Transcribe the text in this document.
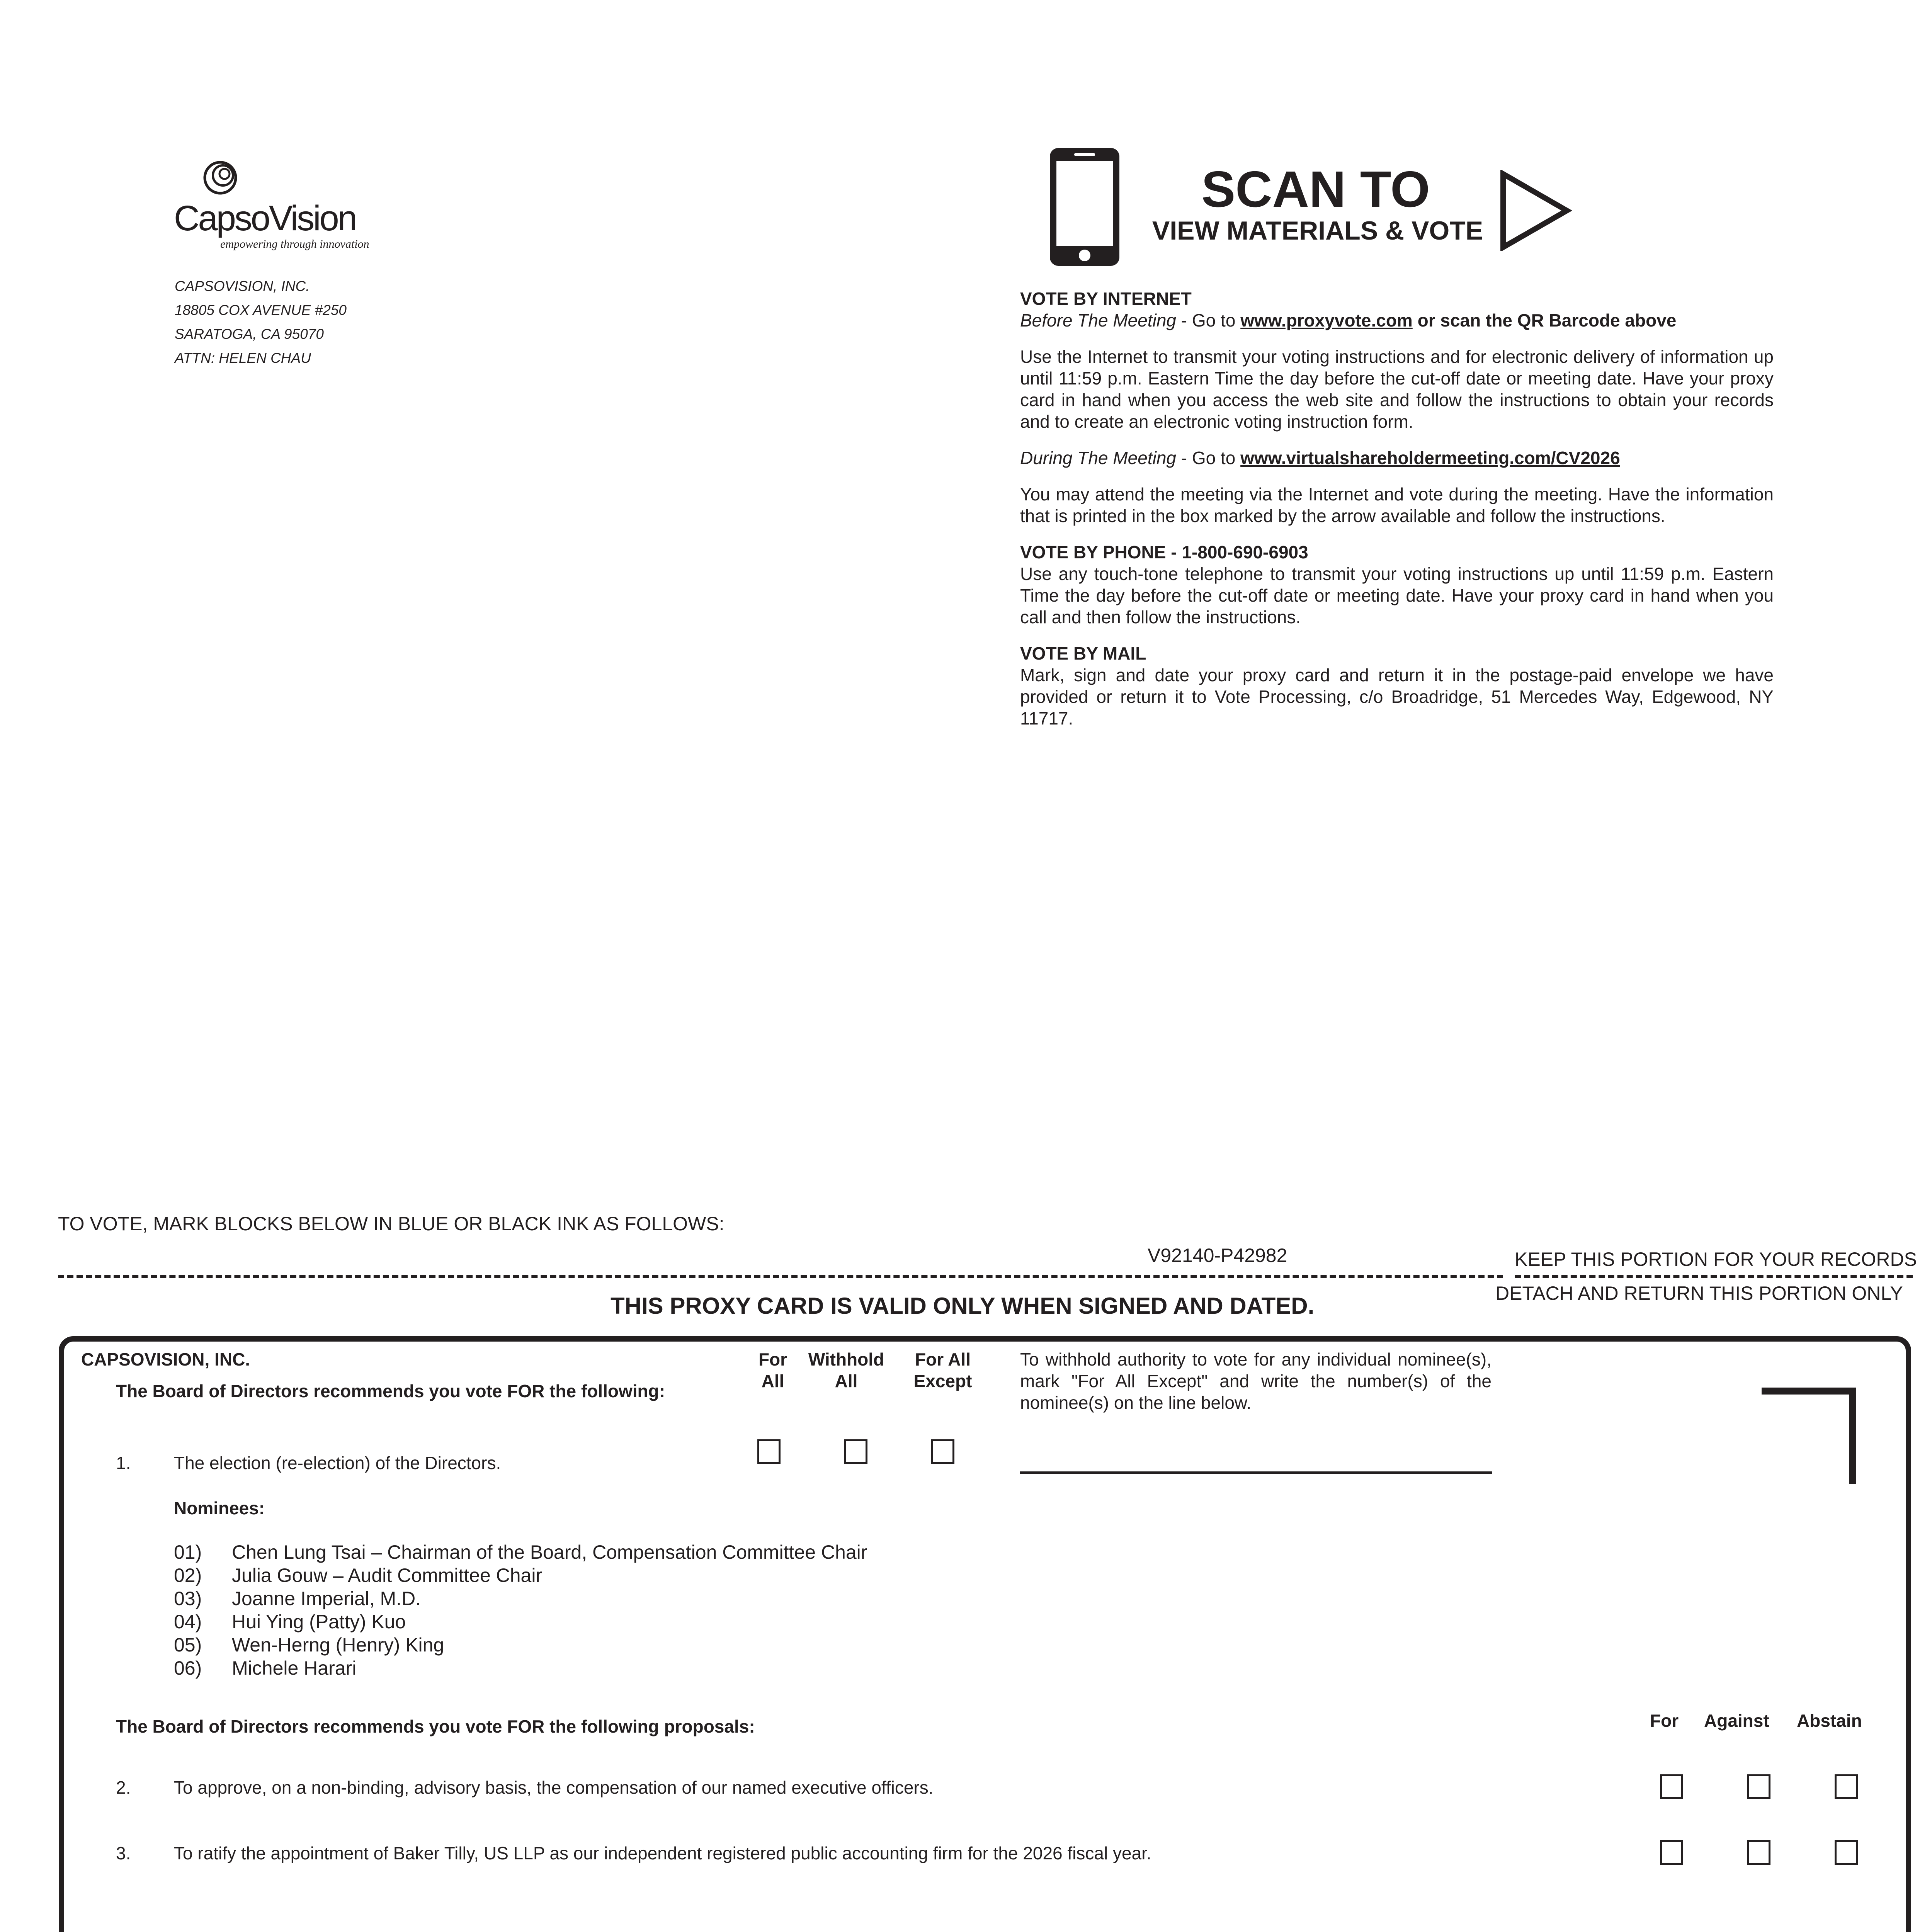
CapsoVision
empowering through innovation
CAPSOVISION, INC.
18805 COX AVENUE #250
SARATOGA, CA 95070
ATTN: HELEN CHAU
SCAN TO
VIEW MATERIALS & VOTE
VOTE BY INTERNET
Before The Meeting - Go to www.proxyvote.com or scan the QR Barcode above
Use the Internet to transmit your voting instructions and for electronic delivery of information up until 11:59 p.m. Eastern Time the day before the cut-off date or meeting date. Have your proxy card in hand when you access the web site and follow the instructions to obtain your records and to create an electronic voting instruction form.
During The Meeting - Go to www.virtualshareholdermeeting.com/CV2026
You may attend the meeting via the Internet and vote during the meeting. Have the information that is printed in the box marked by the arrow available and follow the instructions.
VOTE BY PHONE - 1-800-690-6903
Use any touch-tone telephone to transmit your voting instructions up until 11:59 p.m. Eastern Time the day before the cut-off date or meeting date. Have your proxy card in hand when you call and then follow the instructions.
VOTE BY MAIL
Mark, sign and date your proxy card and return it in the postage-paid envelope we have provided or return it to Vote Processing, c/o Broadridge, 51 Mercedes Way, Edgewood, NY 11717.
TO VOTE, MARK BLOCKS BELOW IN BLUE OR BLACK INK AS FOLLOWS:
V92140-P42982	KEEP THIS PORTION FOR YOUR RECORDS
DETACH AND RETURN THIS PORTION ONLY
THIS PROXY CARD IS VALID ONLY WHEN SIGNED AND DATED.
CAPSOVISION, INC.
The Board of Directors recommends you vote FOR the following:
For
All
Withhold
All
For All
Except
To withhold authority to vote for any individual nominee(s), mark "For All Except" and write the number(s) of the nominee(s) on the line below.
1. The election (re-election) of the Directors.
Nominees:
01) Chen Lung Tsai – Chairman of the Board, Compensation Committee Chair
02) Julia Gouw – Audit Committee Chair
03) Joanne Imperial, M.D.
04) Hui Ying (Patty) Kuo
05) Wen-Herng (Henry) King
06) Michele Harari
The Board of Directors recommends you vote FOR the following proposals:	For Against Abstain
2. To approve, on a non-binding, advisory basis, the compensation of our named executive officers.
3. To ratify the appointment of Baker Tilly, US LLP as our independent registered public accounting firm for the 2026 fiscal year.
